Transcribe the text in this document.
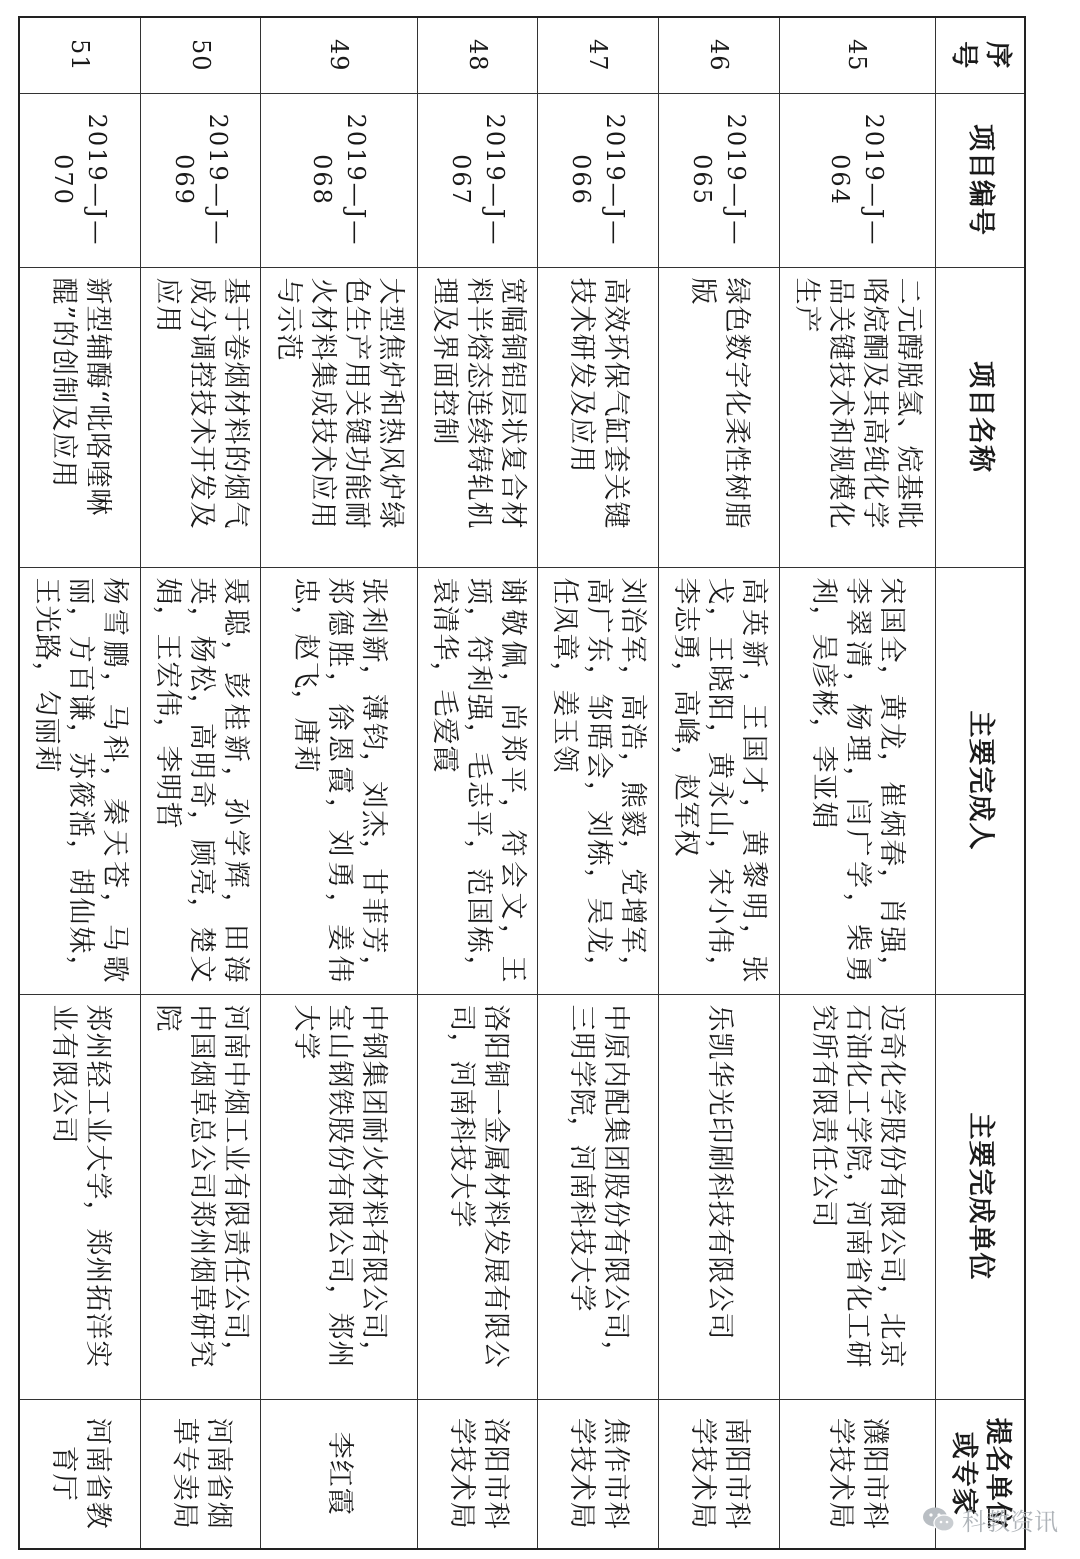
序号	项目编号	项目名称	主要完成人	主要完成单位	提名单位或专家
45	2019—J—064	二元醇脱氢、烷基吡咯烷酮及其高纯化学品关键技术和规模化生产	宋国全，黄龙，崔炳春，肖强，李翠清，杨理，闫广学，柴勇利，吴彦彬，李亚娟	迈奇化学股份有限公司，北京石油化工学院，河南省化工研究所有限责任公司	濮阳市科学技术局
46	2019—J—065	绿色数字化柔性树脂版	高英新，王国才，黄黎明，张戈，王晓阳，黄永山，宋小伟，李志勇，高峰，赵军权	乐凯华光印刷科技有限公司	南阳市科学技术局
47	2019—J—066	高效环保气缸套关键技术研发及应用	刘治军，高浩，熊毅，党增军，高广东，邹晤会，刘栋，吴龙，任凤章，姜玉领	中原内配集团股份有限公司，三明学院，河南科技大学	焦作市科学技术局
48	2019—J—067	宽幅铜铝层状复合材料半熔态连续铸轧机理及界面控制	谢敬佩，尚郑平，符会文，王顼，符利强，毛志平，范国栋，袁清华，毛爱霞	洛阳铜一金属材料发展有限公司，河南科技大学	洛阳市科学技术局
49	2019—J—068	大型焦炉和热风炉绿色生产用关键功能耐火材料集成技术应用与示范	张利新，薄钧，刘杰，甘菲芳，郑德胜，徐恩霞，刘勇，姜伟忠，赵飞，唐莉	中钢集团耐火材料有限公司，宝山钢铁股份有限公司，郑州大学	李红霞
50	2019—J—069	基于卷烟材料的烟气成分调控技术开发及应用	聂聪，彭桂新，孙学辉，田海英，杨松，高明奇，顾亮，楚文娟，王宏伟，李明哲	河南中烟工业有限责任公司，中国烟草总公司郑州烟草研究院	河南省烟草专卖局
51	2019—J—070	新型辅酶“吡咯喹啉醌”的创制及应用	杨雪鹏，马科，秦天苍，马歌丽，方百谦，苏筱湉，胡仙妹，王光路，勾丽莉	郑州轻工业大学，郑州拓洋实业有限公司	河南省教育厅
科教资讯
